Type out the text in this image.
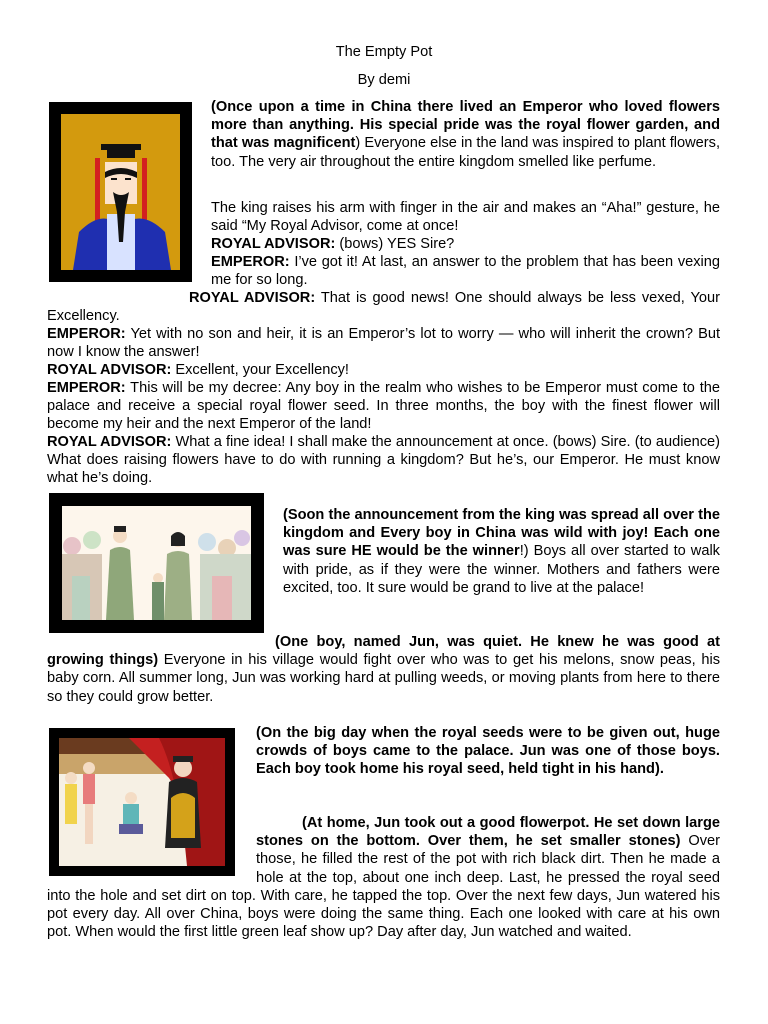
The Empty Pot
By demi

(Once upon a time in China there lived an Emperor who loved flowers more than anything. His special pride was the royal flower garden, and that was magnificent) Everyone else in the land was inspired to plant flowers, too. The very air throughout the entire kingdom smelled like perfume.

The king raises his arm with finger in the air and makes an “Aha!” gesture, he said “My Royal Advisor, come at once!

ROYAL ADVISOR: (bows) YES Sire?

EMPEROR: I’ve got it! At last, an answer to the problem that has been vexing me for so long.

ROYAL ADVISOR: That is good news! One should always be less vexed, Your Excellency.

EMPEROR: Yet with no son and heir, it is an Emperor’s lot to worry — who will inherit the crown? But now I know the answer!

ROYAL ADVISOR: Excellent, your Excellency!

EMPEROR: This will be my decree: Any boy in the realm who wishes to be Emperor must come to the palace and receive a special royal flower seed. In three months, the boy with the finest flower will become my heir and the next Emperor of the land!

ROYAL ADVISOR: What a fine idea! I shall make the announcement at once. (bows) Sire. (to audience) What does raising flowers have to do with running a kingdom? But he’s, our Emperor. He must know what he’s doing.

(Soon the announcement from the king was spread all over the kingdom and Every boy in China was wild with joy! Each one was sure HE would be the winner!) Boys all over started to walk with pride, as if they were the winner. Mothers and fathers were excited, too. It sure would be grand to live at the palace!

(One boy, named Jun, was quiet. He knew he was good at growing things) Everyone in his village would fight over who was to get his melons, snow peas, his baby corn. All summer long, Jun was working hard at pulling weeds, or moving plants from here to there so they could grow better.

(On the big day when the royal seeds were to be given out, huge crowds of boys came to the palace. Jun was one of those boys. Each boy took home his royal seed, held tight in his hand).

(At home, Jun took out a good flowerpot. He set down large stones on the bottom. Over them, he set smaller stones) Over those, he filled the rest of the pot with rich black dirt. Then he made a hole at the top, about one inch deep. Last, he pressed the royal seed into the hole and set dirt on top. With care, he tapped the top. Over the next few days, Jun watered his pot every day. All over China, boys were doing the same thing. Each one looked with care at his own pot. When would the first little green leaf show up? Day after day, Jun watched and waited.
